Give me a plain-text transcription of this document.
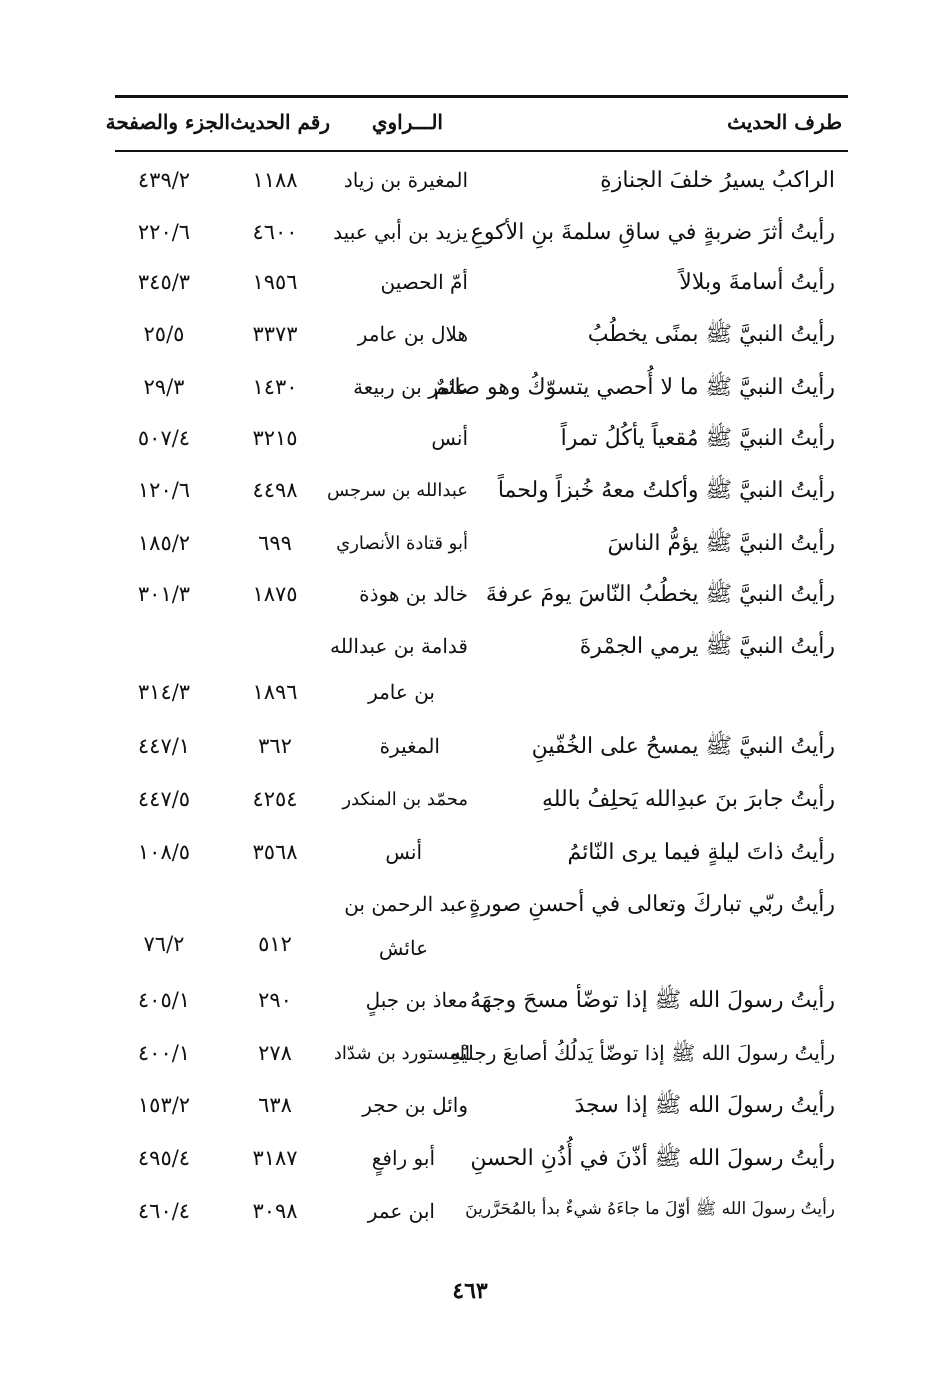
طرف الحديث
الـــراوي
رقم الحديث
الجزء والصفحة
الراكبُ يسيرُ خلفَ الجنازةِ
المغيرة بن زياد
١١٨٨
٤٣٩/٢
رأيتُ أثرَ ضربةٍ في ساقِ سلمةَ بنِ الأكوعِ
يزيد بن أبي عبيد
٤٦٠٠
٢٢٠/٦
رأيتُ أسامةَ وبلالاً
أمّ الحصين
١٩٥٦
٣٤٥/٣
رأيتُ النبيَّ ﷺ بمنًى يخطُبُ
هلال بن عامر
٣٣٧٣
٢٥/٥
رأيتُ النبيَّ ﷺ ما لا أُحصي يتسوّكُ وهو صائمٌ
عامر بن ربيعة
١٤٣٠
٢٩/٣
رأيتُ النبيَّ ﷺ مُقعياً يأكُلُ تمراً
أنس
٣٢١٥
٥٠٧/٤
رأيتُ النبيَّ ﷺ وأكلتُ معهُ خُبزاً ولحماً
عبدالله بن سرجس
٤٤٩٨
١٢٠/٦
رأيتُ النبيَّ ﷺ يؤمُّ الناسَ
أبو قتادة الأنصاري
٦٩٩
١٨٥/٢
رأيتُ النبيَّ ﷺ يخطُبُ النّاسَ يومَ عرفةَ
خالد بن هوذة
١٨٧٥
٣٠١/٣
رأيتُ النبيَّ ﷺ يرمي الجمْرةَ
قدامة بن عبدالله
بن عامر
١٨٩٦
٣١٤/٣
رأيتُ النبيَّ ﷺ يمسحُ على الخُفّينِ
المغيرة
٣٦٢
٤٤٧/١
رأيتُ جابرَ بنَ عبدِالله يَحلِفُ باللهِ
محمّد بن المنكدر
٤٢٥٤
٤٤٧/٥
رأيتُ ذاتَ ليلةٍ فيما يرى النّائمُ
أنس
٣٥٦٨
١٠٨/٥
رأيتُ ربّي تباركَ وتعالى في أحسنِ صورةٍ
عبد الرحمن بن
عائش
٥١٢
٧٦/٢
رأيتُ رسولَ الله ﷺ إذا توضّأ مسحَ وجهَهُ
معاذ بن جبلٍ
٢٩٠
٤٠٥/١
رأيتُ رسولَ الله ﷺ إذا توضّأ يَدلُكُ أصابعَ رجليْهِ
المستورد بن شدّاد
٢٧٨
٤٠٠/١
رأيتُ رسولَ الله ﷺ إذا سجدَ
وائل بن حجر
٦٣٨
١٥٣/٢
رأيتُ رسولَ الله ﷺ أذّنَ في أُذُنِ الحسنِ
أبو رافعٍ
٣١٨٧
٤٩٥/٤
رأيتُ رسولَ الله ﷺ أوّلَ ما جاءَهُ شيءٌ بدأ بالمُحَرَّرينَ
ابن عمر
٣٠٩٨
٤٦٠/٤
٤٦٣
